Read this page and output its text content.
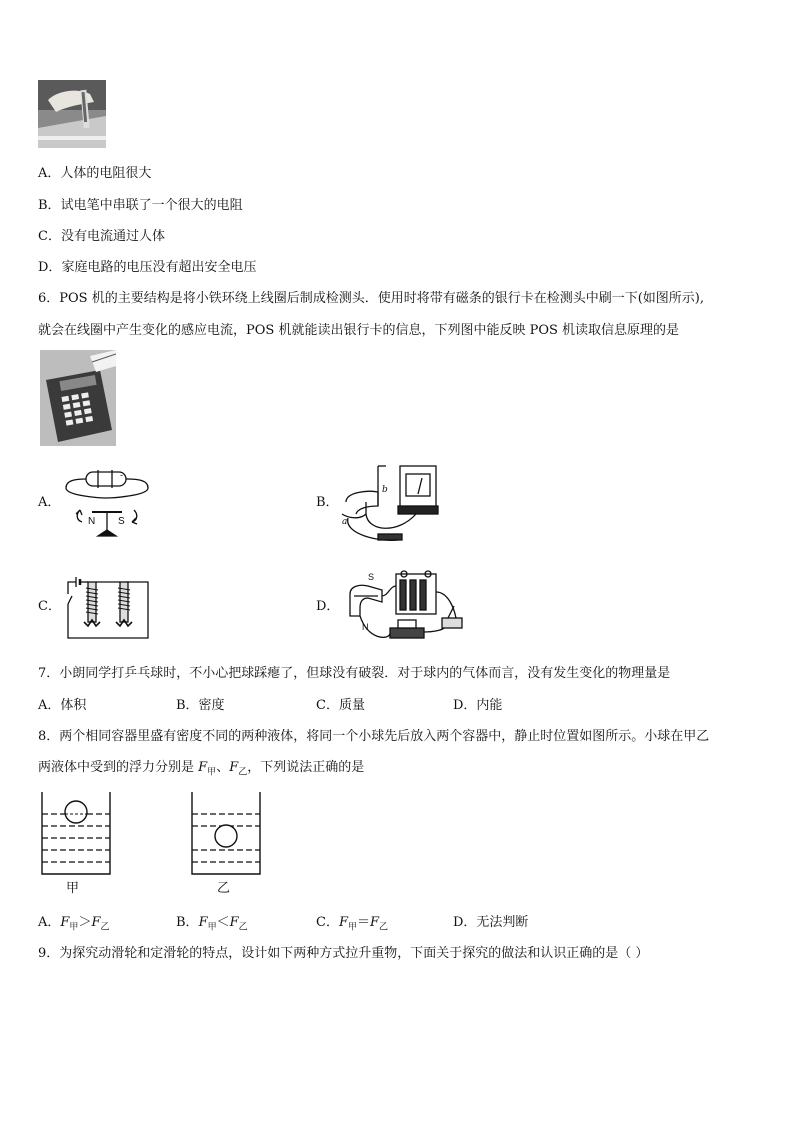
A．人体的电阻很大
B．试电笔中串联了一个很大的电阻
C．没有电流通过人体
D．家庭电路的电压没有超出安全电压
6．POS 机的主要结构是将小铁环绕上线圈后制成检测头．使用时将带有磁条的银行卡在检测头中刷一下(如图所示),
就会在线圈中产生变化的感应电流，POS 机就能读出银行卡的信息，下列图中能反映 POS 机读取信息原理的是
A．
N S
-
B．
b
a
C．	D．
S
N
7．小朗同学打乒乓球时，不小心把球踩瘪了，但球没有破裂．对于球内的气体而言，没有发生变化的物理量是
A．体积	B．密度	C．质量	D．内能
8．两个相同容器里盛有密度不同的两种液体，将同一个小球先后放入两个容器中，静止时位置如图所示。小球在甲乙
两液体中受到的浮力分别是 $F_甲$、$F_乙$，下列说法正确的是
甲	乙
A．$F_甲>F_乙$	B．$F_甲<F_乙$	C．$F_甲=F_乙$	D．无法判断
9．为探究动滑轮和定滑轮的特点，设计如下两种方式拉升重物，下面关于探究的做法和认识正确的是（ ）
